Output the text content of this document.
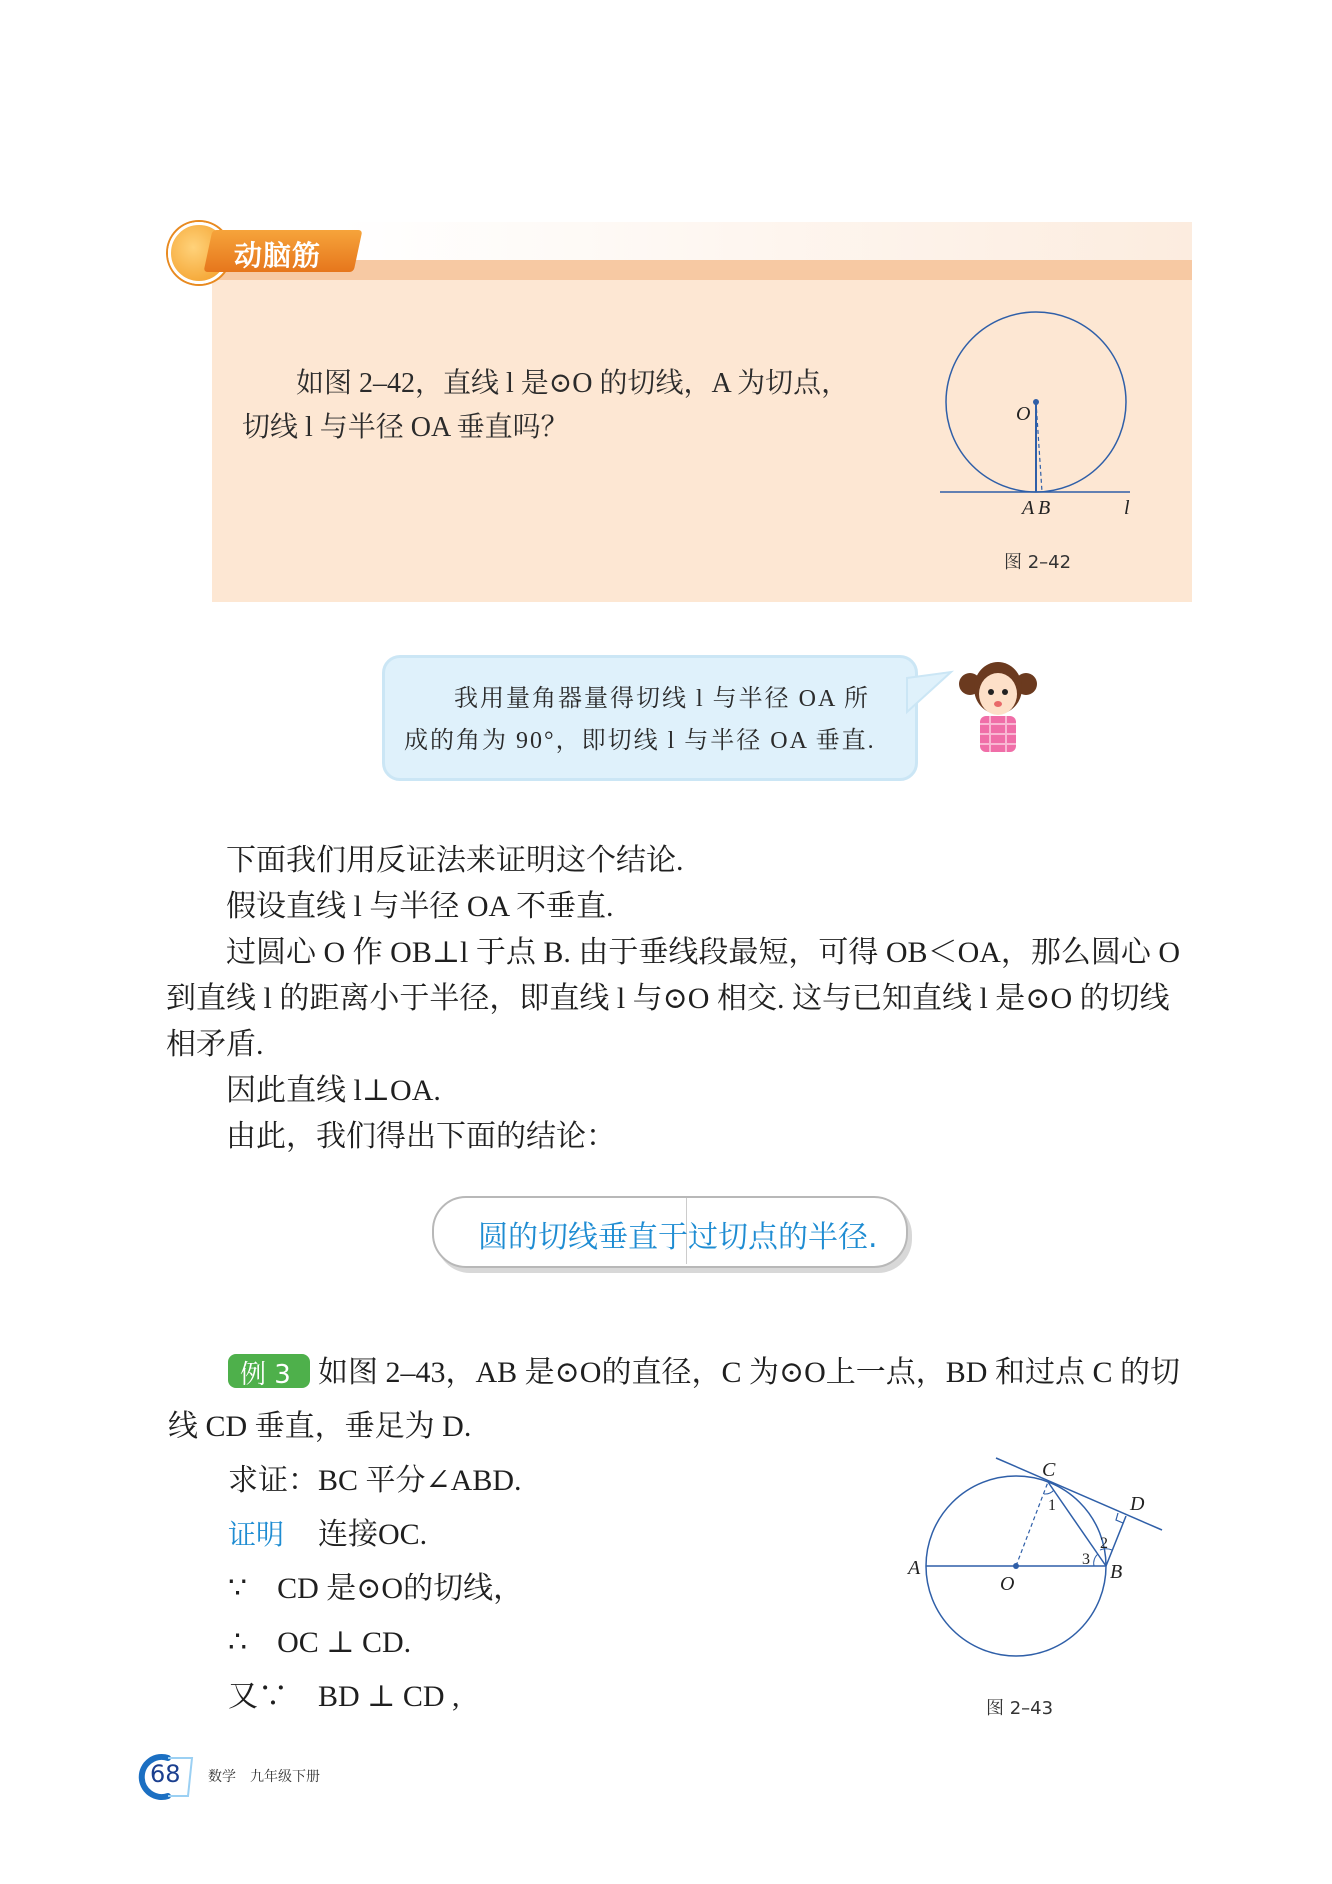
动脑筋
如图 2–42，直线 l 是⊙O 的切线，A 为切点，
切线 l 与半径 OA 垂直吗？	O
A B	l
图 2–42
我用量角器量得切线 l 与半径 OA 所
成的角为 90°，即切线 l 与半径 OA 垂直.
下面我们用反证法来证明这个结论.
假设直线 l 与半径 OA 不垂直.
过圆心 O 作 OB⊥l 于点 B. 由于垂线段最短，可得 OB＜OA，那么圆心 O
到直线 l 的距离小于半径，即直线 l 与⊙O 相交. 这与已知直线 l 是⊙O 的切线
相矛盾.
因此直线 l⊥OA.
由此，我们得出下面的结论：
圆的切线垂直于过切点的半径.
例 3 如图 2–43，AB 是⊙O的直径，C 为⊙O上一点，BD 和过点 C 的切
线 CD 垂直，垂足为 D.
求证：BC 平分∠ABD.
证明 连接OC.
∵　CD 是⊙O的切线，
∴　OC ⊥ CD.
又∵　BD ⊥ CD ,
C
D
A
O
B
1
2
3
图 2–43
68 数学　九年级下册
